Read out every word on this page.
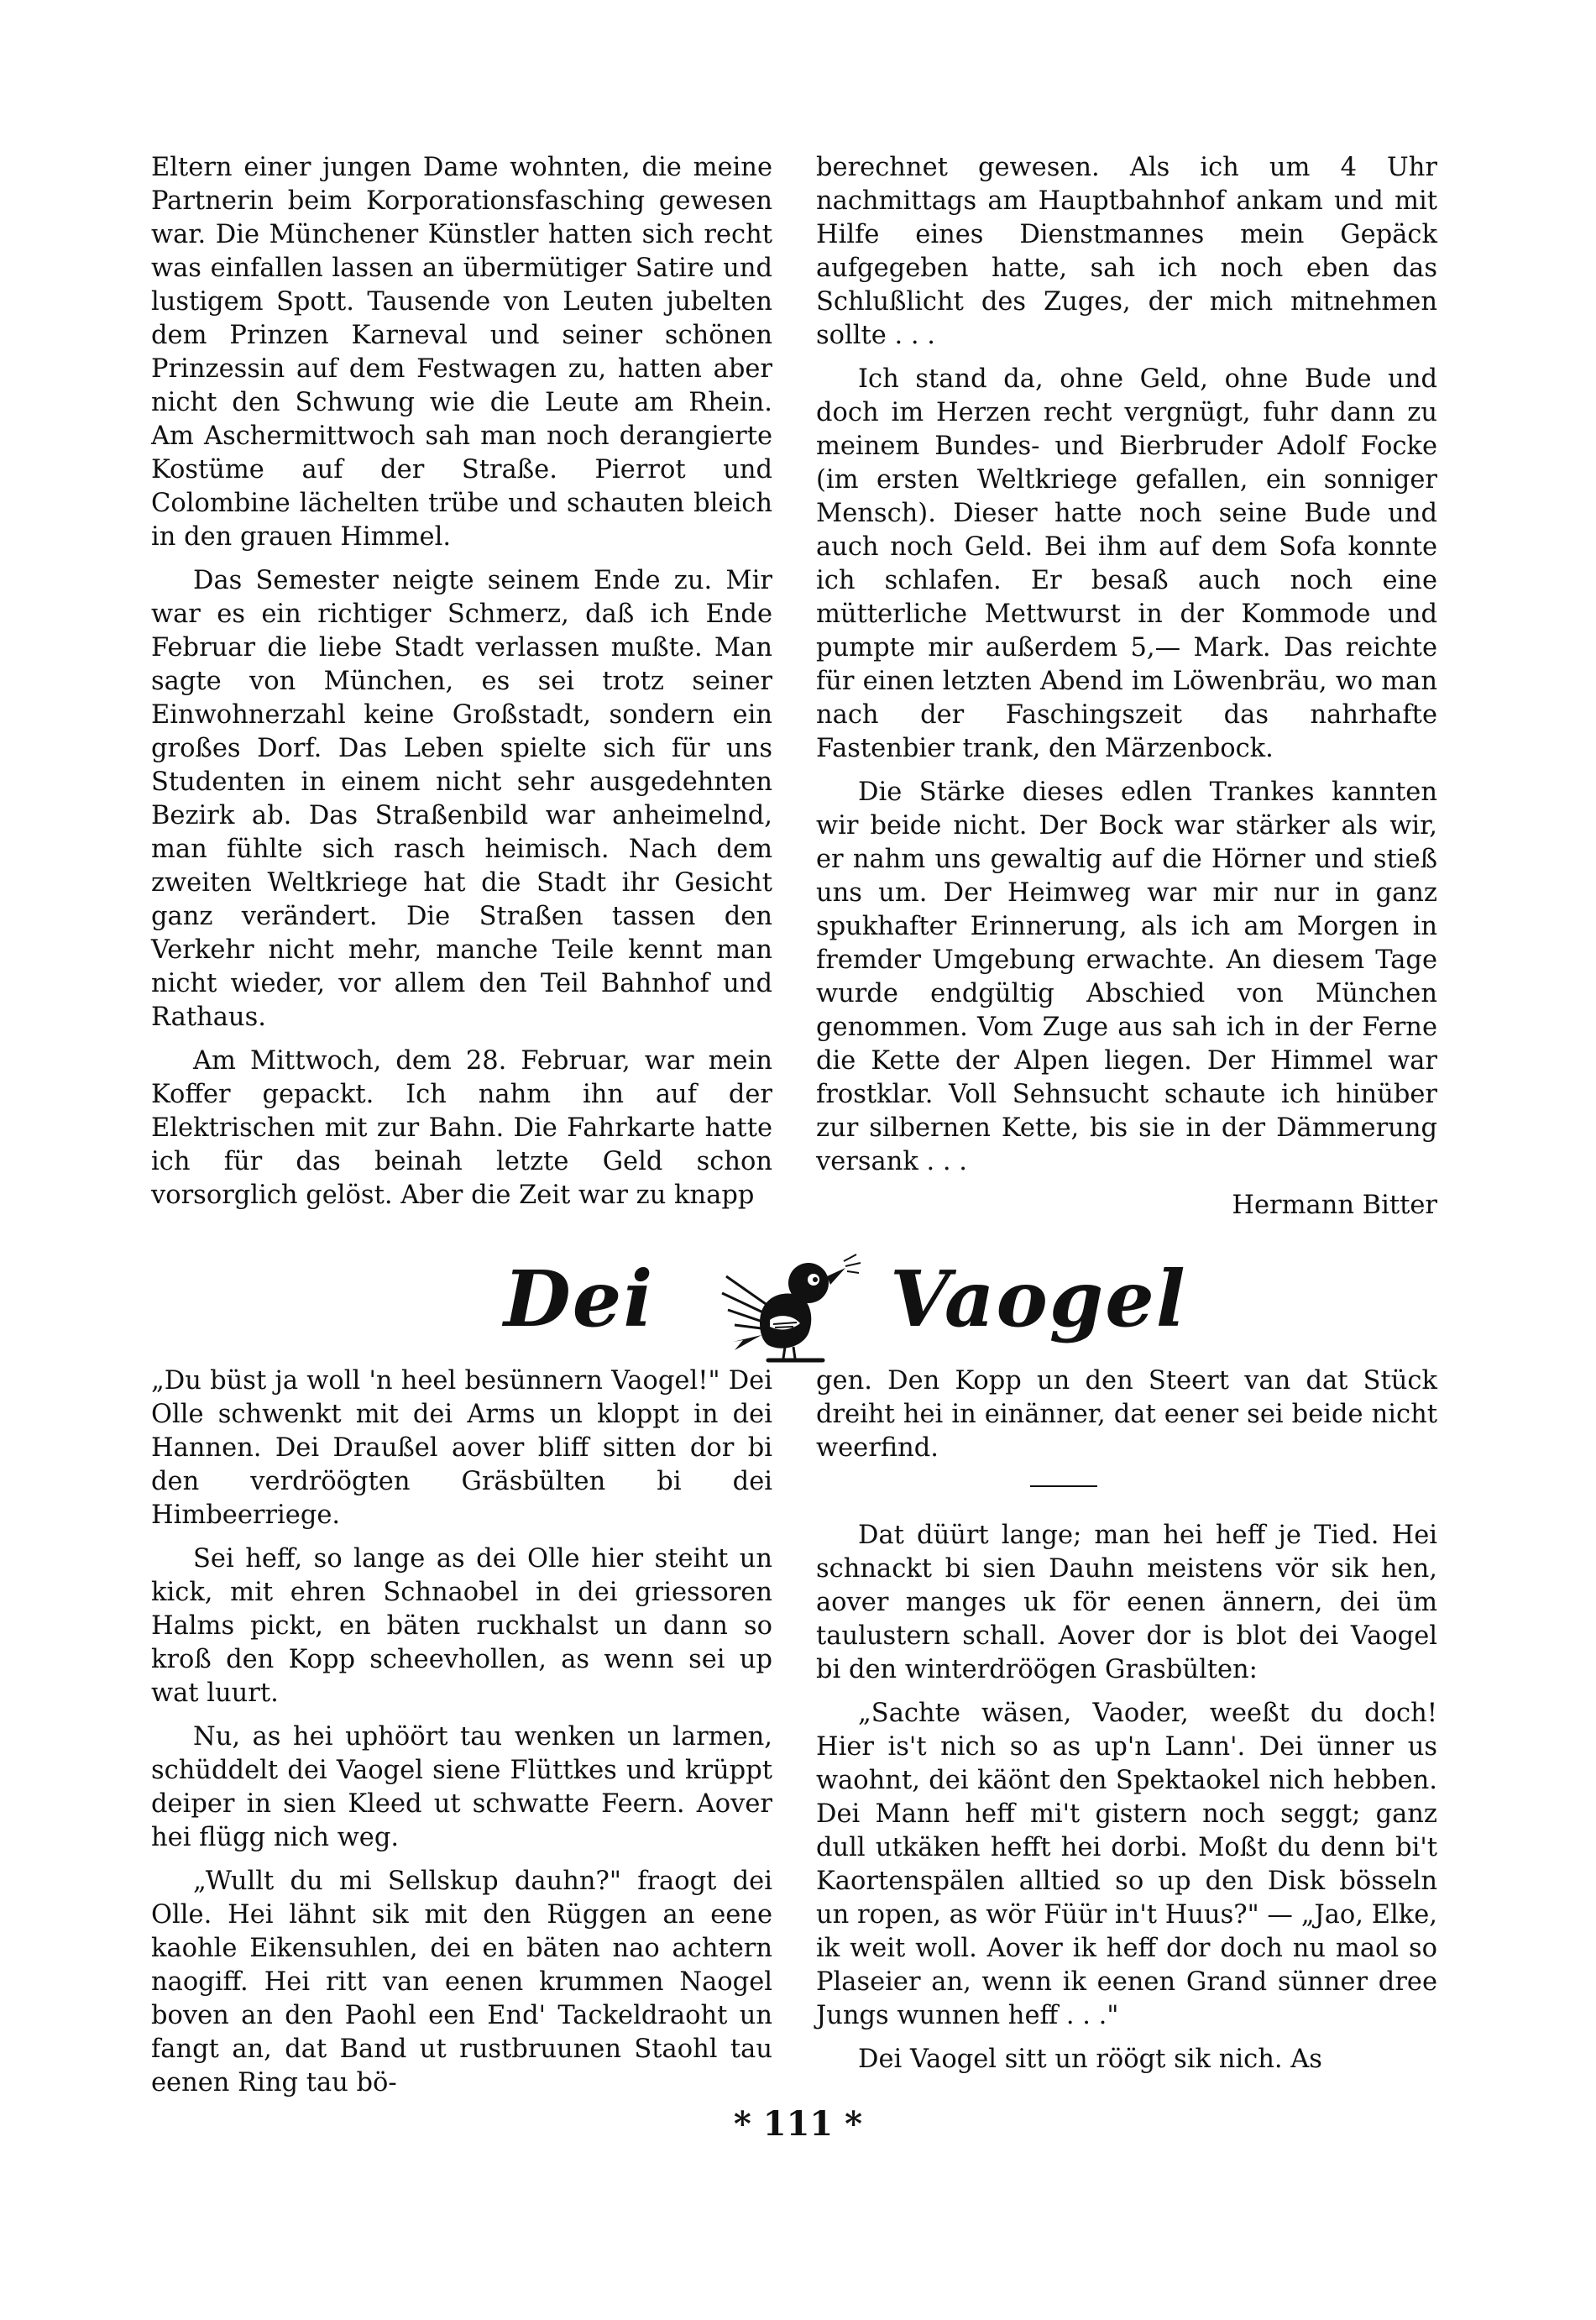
Eltern einer jungen Dame wohnten, die meine Partnerin beim Korporationsfasching gewesen war. Die Münchener Künstler hatten sich recht was einfallen lassen an übermütiger Satire und lustigem Spott. Tausende von Leuten jubelten dem Prinzen Karneval und seiner schönen Prinzessin auf dem Festwagen zu, hatten aber nicht den Schwung wie die Leute am Rhein. Am Aschermittwoch sah man noch derangierte Kostüme auf der Straße. Pierrot und Colombine lächelten trübe und schauten bleich in den grauen Himmel.

Das Semester neigte seinem Ende zu. Mir war es ein richtiger Schmerz, daß ich Ende Februar die liebe Stadt verlassen mußte. Man sagte von München, es sei trotz seiner Einwohnerzahl keine Großstadt, sondern ein großes Dorf. Das Leben spielte sich für uns Studenten in einem nicht sehr ausgedehnten Bezirk ab. Das Straßenbild war anheimelnd, man fühlte sich rasch heimisch. Nach dem zweiten Weltkriege hat die Stadt ihr Gesicht ganz verändert. Die Straßen tassen den Verkehr nicht mehr, manche Teile kennt man nicht wieder, vor allem den Teil Bahnhof und Rathaus.

Am Mittwoch, dem 28. Februar, war mein Koffer gepackt. Ich nahm ihn auf der Elektrischen mit zur Bahn. Die Fahrkarte hatte ich für das beinah letzte Geld schon vorsorglich gelöst. Aber die Zeit war zu knapp

berechnet gewesen. Als ich um 4 Uhr nachmittags am Hauptbahnhof ankam und mit Hilfe eines Dienstmannes mein Gepäck aufgegeben hatte, sah ich noch eben das Schlußlicht des Zuges, der mich mitnehmen sollte . . .

Ich stand da, ohne Geld, ohne Bude und doch im Herzen recht vergnügt, fuhr dann zu meinem Bundes- und Bierbruder Adolf Focke (im ersten Weltkriege gefallen, ein sonniger Mensch). Dieser hatte noch seine Bude und auch noch Geld. Bei ihm auf dem Sofa konnte ich schlafen. Er besaß auch noch eine mütterliche Mettwurst in der Kommode und pumpte mir außerdem 5,— Mark. Das reichte für einen letzten Abend im Löwenbräu, wo man nach der Faschingszeit das nahrhafte Fastenbier trank, den Märzenbock.

Die Stärke dieses edlen Trankes kannten wir beide nicht. Der Bock war stärker als wir, er nahm uns gewaltig auf die Hörner und stieß uns um. Der Heimweg war mir nur in ganz spukhafter Erinnerung, als ich am Morgen in fremder Umgebung erwachte. An diesem Tage wurde endgültig Abschied von München genommen. Vom Zuge aus sah ich in der Ferne die Kette der Alpen liegen. Der Himmel war frostklar. Voll Sehnsucht schaute ich hinüber zur silbernen Kette, bis sie in der Dämmerung versank . . .

Hermann Bitter

Dei	Vaogel

„Du büst ja woll 'n heel besünnern Vaogel!" Dei Olle schwenkt mit dei Arms un kloppt in dei Hannen. Dei Draußel aover bliff sitten dor bi den verdröögten Gräsbülten bi dei Himbeerriege.

Sei heff, so lange as dei Olle hier steiht un kick, mit ehren Schnaobel in dei griessoren Halms pickt, en bäten ruckhalst un dann so kroß den Kopp scheevhollen, as wenn sei up wat luurt.

Nu, as hei uphöört tau wenken un larmen, schüddelt dei Vaogel siene Flüttkes und krüppt deiper in sien Kleed ut schwatte Feern. Aover hei flügg nich weg.

„Wullt du mi Sellskup dauhn?" fraogt dei Olle. Hei lähnt sik mit den Rüggen an eene kaohle Eikensuhlen, dei en bäten nao achtern naogiff. Hei ritt van eenen krummen Naogel boven an den Paohl een End' Tackeldraoht un fangt an, dat Band ut rustbruunen Staohl tau eenen Ring tau bö-

gen. Den Kopp un den Steert van dat Stück dreiht hei in einänner, dat eener sei beide nicht weerfind.

Dat düürt lange; man hei heff je Tied. Hei schnackt bi sien Dauhn meistens vör sik hen, aover manges uk för eenen ännern, dei üm taulustern schall. Aover dor is blot dei Vaogel bi den winterdröögen Grasbülten:

„Sachte wäsen, Vaoder, weeßt du doch! Hier is't nich so as up'n Lann'. Dei ünner us waohnt, dei käönt den Spektaokel nich hebben. Dei Mann heff mi't gistern noch seggt; ganz dull utkäken hefft hei dorbi. Moßt du denn bi't Kaortenspälen alltied so up den Disk bösseln un ropen, as wör Füür in't Huus?" — „Jao, Elke, ik weit woll. Aover ik heff dor doch nu maol so Plaseier an, wenn ik eenen Grand sünner dree Jungs wunnen heff . . ."

Dei Vaogel sitt un röögt sik nich. As

* 111 *
